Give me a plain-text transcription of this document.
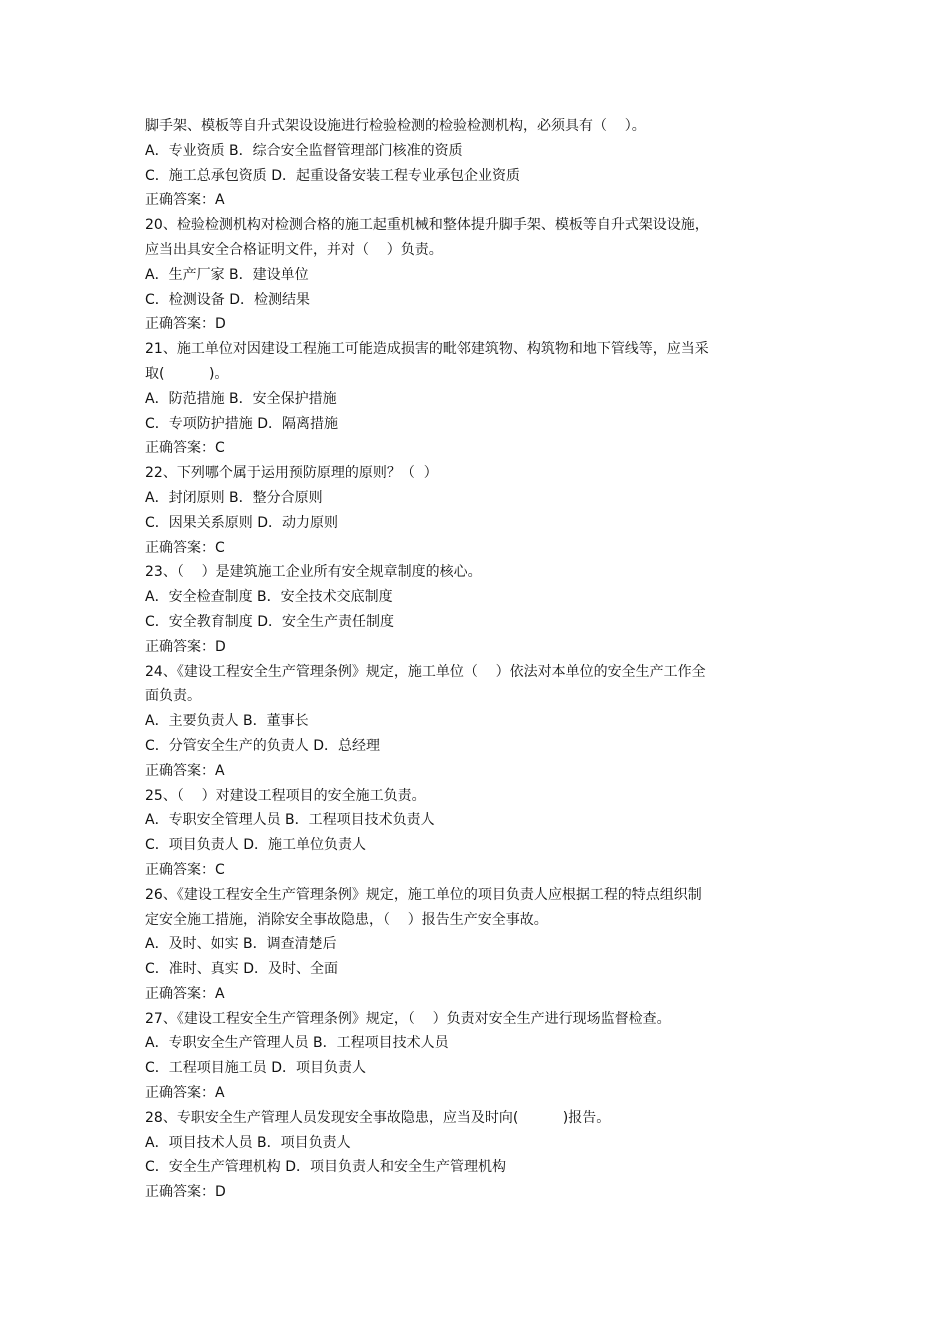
脚手架、模板等自升式架设设施进行检验检测的检验检测机构，必须具有（    ）。
A．专业资质 B．综合安全监督管理部门核准的资质
C．施工总承包资质 D．起重设备安装工程专业承包企业资质
正确答案：A
20、检验检测机构对检测合格的施工起重机械和整体提升脚手架、模板等自升式架设设施，
应当出具安全合格证明文件，并对（    ）负责。
A．生产厂家 B．建设单位
C．检测设备 D．检测结果
正确答案：D
21、施工单位对因建设工程施工可能造成损害的毗邻建筑物、构筑物和地下管线等，应当采
取(          )。
A．防范措施 B．安全保护措施
C．专项防护措施 D．隔离措施
正确答案：C
22、下列哪个属于运用预防原理的原则？（  ）
A．封闭原则 B．整分合原则
C．因果关系原则 D．动力原则
正确答案：C
23、（    ）是建筑施工企业所有安全规章制度的核心。
A．安全检查制度 B．安全技术交底制度
C．安全教育制度 D．安全生产责任制度
正确答案：D
24、《建设工程安全生产管理条例》规定，施工单位（    ）依法对本单位的安全生产工作全
面负责。
A．主要负责人 B．董事长
C．分管安全生产的负责人 D．总经理
正确答案：A
25、（    ）对建设工程项目的安全施工负责。
A．专职安全管理人员 B．工程项目技术负责人
C．项目负责人 D．施工单位负责人
正确答案：C
26、《建设工程安全生产管理条例》规定，施工单位的项目负责人应根据工程的特点组织制
定安全施工措施，消除安全事故隐患，（    ）报告生产安全事故。
A．及时、如实 B．调查清楚后
C．准时、真实 D．及时、全面
正确答案：A
27、《建设工程安全生产管理条例》规定，（    ）负责对安全生产进行现场监督检查。
A．专职安全生产管理人员 B．工程项目技术人员
C．工程项目施工员 D．项目负责人
正确答案：A
28、专职安全生产管理人员发现安全事故隐患，应当及时向(          )报告。
A．项目技术人员 B．项目负责人
C．安全生产管理机构 D．项目负责人和安全生产管理机构
正确答案：D
